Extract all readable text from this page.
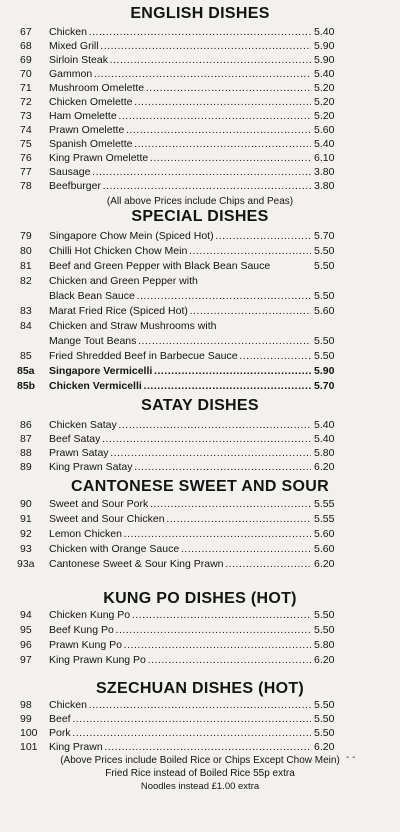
ENGLISH DISHES
67	Chicken . . .	5.40
68	Mixed Grill . . .	5.90
69	Sirloin Steak . . .	5.90
70	Gammon . . .	5.40
71	Mushroom Omelette . . .	5.20
72	Chicken Omelette . . .	5.20
73	Ham Omelette . . .	5.20
74	Prawn Omelette . . .	5.60
75	Spanish Omelette . . .	5.40
76	King Prawn Omelette . . .	6.10
77	Sausage . . .	3.80
78	Beefburger . . .	3.80
(All above Prices include Chips and Peas)
SPECIAL DISHES
79	Singapore Chow Mein (Spiced Hot) . . .	5.70
80	Chilli Hot Chicken Chow Mein . . .	5.50
81	Beef and Green Pepper with Black Bean Sauce	5.50
82	Chicken and Green Pepper with
Black Bean Sauce . . .	5.50
83	Marat Fried Rice (Spiced Hot) . . .	5.60
84	Chicken and Straw Mushrooms with
Mange Tout Beans . . .	5.50
85	Fried Shredded Beef in Barbecue Sauce . . .	5.50
85a	Singapore Vermicelli . . .	5.90
85b	Chicken Vermicelli . . .	5.70
SATAY DISHES
86	Chicken Satay . . .	5.40
87	Beef Satay . . .	5.40
88	Prawn Satay . . .	5.80
89	King Prawn Satay . . .	6.20
CANTONESE SWEET AND SOUR
90	Sweet and Sour Pork . . .	5.55
91	Sweet and Sour Chicken . . .	5.55
92	Lemon Chicken . . .	5.60
93	Chicken with Orange Sauce . . .	5.60
93a	Cantonese Sweet & Sour King Prawn . . .	6.20
KUNG PO DISHES (HOT)
94	Chicken Kung Po . . .	5.50
95	Beef Kung Po . . .	5.50
96	Prawn Kung Po . . .	5.80
97	King Prawn Kung Po . . .	6.20
SZECHUAN DISHES (HOT)
98	Chicken . . .	5.50
99	Beef . . .	5.50
100	Pork . . .	5.50
101	King Prawn . . .	6.20
(Above Prices include Boiled Rice or Chips Except Chow Mein)
Fried Rice instead of Boiled Rice 55p extra
Noodles instead £1.00 extra
- -
